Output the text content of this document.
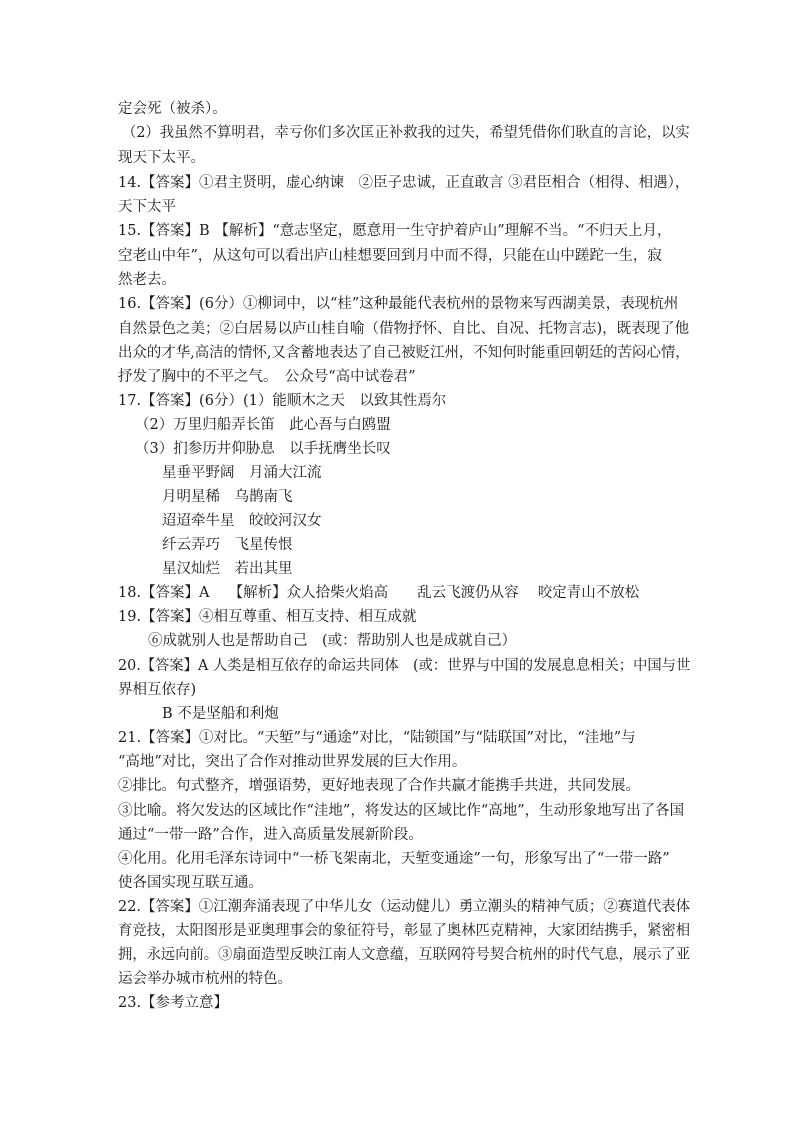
定会死（被杀）。
（2）我虽然不算明君，幸亏你们多次匡正补救我的过失，希望凭借你们耿直的言论，以实
现天下太平。
14.【答案】①君主贤明，虚心纳谏　②臣子忠诚，正直敢言 ③君臣相合（相得、相遇），
天下太平
15.【答案】B 【解析】“意志坚定，愿意用一生守护着庐山”理解不当。“不归天上月，
空老山中年”，从这句可以看出庐山桂想要回到月中而不得，只能在山中蹉跎一生，寂
然老去。
16.【答案】(6分）①柳词中，以“桂”这种最能代表杭州的景物来写西湖美景，表现杭州
自然景色之美；②白居易以庐山桂自喻（借物抒怀、自比、自况、托物言志)，既表现了他
出众的才华,高洁的情怀,又含蓄地表达了自己被贬江州，不知何时能重回朝廷的苦闷心情，
抒发了胸中的不平之气。　公众号“高中试卷君”
17.【答案】(6分）(1）能顺木之天　以致其性焉尔
（2）万里归船弄长笛　此心吾与白鸥盟
（3）扪参历井仰胁息　以手抚膺坐长叹
星垂平野阔　月涌大江流
月明星稀　乌鹊南飞
迢迢牵牛星　皎皎河汉女
纤云弄巧　飞星传恨
星汉灿烂　若出其里
18.【答案】A　 【解析】众人拾柴火焰高　　乱云飞渡仍从容　 咬定青山不放松
19.【答案】④相互尊重、相互支持、相互成就
⑥成就别人也是帮助自己　(或：帮助别人也是成就自己）
20.【答案】A 人类是相互依存的命运共同体　(或：世界与中国的发展息息相关；中国与世
界相互依存)
B 不是坚船和利炮
21.【答案】①对比。“天堑”与“通途”对比，“陆锁国”与“陆联国”对比，“洼地”与
“高地”对比，突出了合作对推动世界发展的巨大作用。
②排比。句式整齐，增强语势，更好地表现了合作共赢才能携手共进，共同发展。
③比喻。将欠发达的区域比作“洼地”，将发达的区域比作“高地”，生动形象地写出了各国
通过“一带一路”合作，进入高质量发展新阶段。
④化用。化用毛泽东诗词中“一桥飞架南北，天堑变通途”一句，形象写出了“一带一路”
使各国实现互联互通。
22.【答案】①江潮奔涌表现了中华儿女（运动健儿）勇立潮头的精神气质；②赛道代表体
育竞技，太阳图形是亚奥理事会的象征符号，彰显了奥林匹克精神，大家团结携手，紧密相
拥，永远向前。③扇面造型反映江南人文意蕴，互联网符号契合杭州的时代气息，展示了亚
运会举办城市杭州的特色。
23.【参考立意】
